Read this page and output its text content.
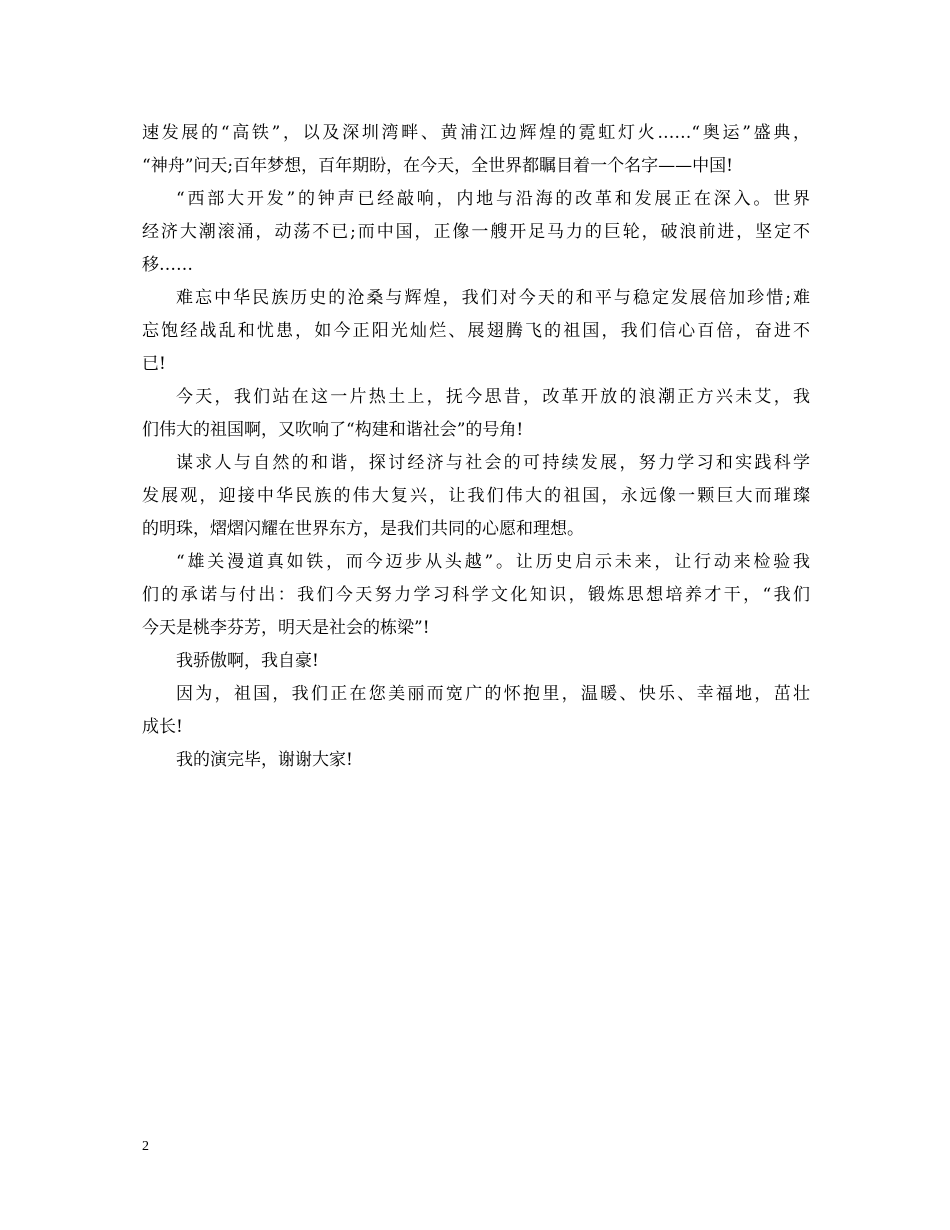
速发展的“高铁”，以及深圳湾畔、黄浦江边辉煌的霓虹灯火……“奥运”盛典，
“神舟”问天;百年梦想，百年期盼，在今天，全世界都瞩目着一个名字——中国!
“西部大开发”的钟声已经敲响，内地与沿海的改革和发展正在深入。世界
经济大潮滚涌，动荡不已;而中国，正像一艘开足马力的巨轮，破浪前进，坚定不
移……
难忘中华民族历史的沧桑与辉煌，我们对今天的和平与稳定发展倍加珍惜;难
忘饱经战乱和忧患，如今正阳光灿烂、展翅腾飞的祖国，我们信心百倍，奋进不
已!
今天，我们站在这一片热土上，抚今思昔，改革开放的浪潮正方兴未艾，我
们伟大的祖国啊，又吹响了“构建和谐社会”的号角!
谋求人与自然的和谐，探讨经济与社会的可持续发展，努力学习和实践科学
发展观，迎接中华民族的伟大复兴，让我们伟大的祖国，永远像一颗巨大而璀璨
的明珠，熠熠闪耀在世界东方，是我们共同的心愿和理想。
“雄关漫道真如铁，而今迈步从头越”。让历史启示未来，让行动来检验我
们的承诺与付出：我们今天努力学习科学文化知识，锻炼思想培养才干，“我们
今天是桃李芬芳，明天是社会的栋梁”!
我骄傲啊，我自豪!
因为，祖国，我们正在您美丽而宽广的怀抱里，温暖、快乐、幸福地，茁壮
成长!
我的演完毕，谢谢大家!
2
